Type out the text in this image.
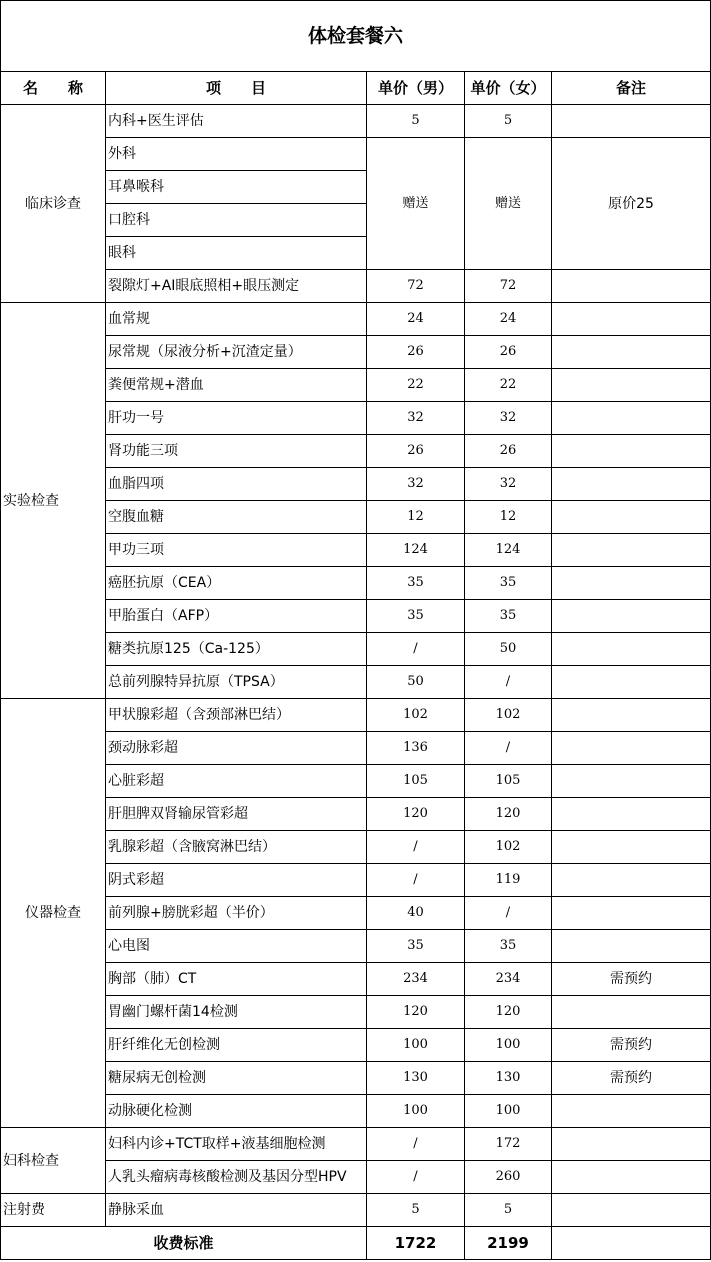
体检套餐六				
名　　称	项　　目	单价（男）	单价（女）	备注
临床诊查	内科+医生评估	5	5	
	外科	赠送	赠送	原价25
	耳鼻喉科			
	口腔科			
	眼科			
	裂隙灯+AI眼底照相+眼压测定	72	72	
实验检查	血常规	24	24	
	尿常规（尿液分析+沉渣定量）	26	26	
	粪便常规+潜血	22	22	
	肝功一号	32	32	
	肾功能三项	26	26	
	血脂四项	32	32	
	空腹血糖	12	12	
	甲功三项	124	124	
	癌胚抗原（CEA）	35	35	
	甲胎蛋白（AFP）	35	35	
	糖类抗原125（Ca-125）	/	50	
	总前列腺特异抗原（TPSA）	50	/	
仪器检查	甲状腺彩超（含颈部淋巴结）	102	102	
	颈动脉彩超	136	/	
	心脏彩超	105	105	
	肝胆脾双肾输尿管彩超	120	120	
	乳腺彩超（含腋窝淋巴结）	/	102	
	阴式彩超	/	119	
	前列腺+膀胱彩超（半价）	40	/	
	心电图	35	35	
	胸部（肺）CT	234	234	需预约
	胃幽门螺杆菌14检测	120	120	
	肝纤维化无创检测	100	100	需预约
	糖尿病无创检测	130	130	需预约
	动脉硬化检测	100	100	
妇科检查	妇科内诊+TCT取样+液基细胞检测	/	172	
	人乳头瘤病毒核酸检测及基因分型HPV	/	260	
注射费	静脉采血	5	5	
收费标准		1722	2199	
